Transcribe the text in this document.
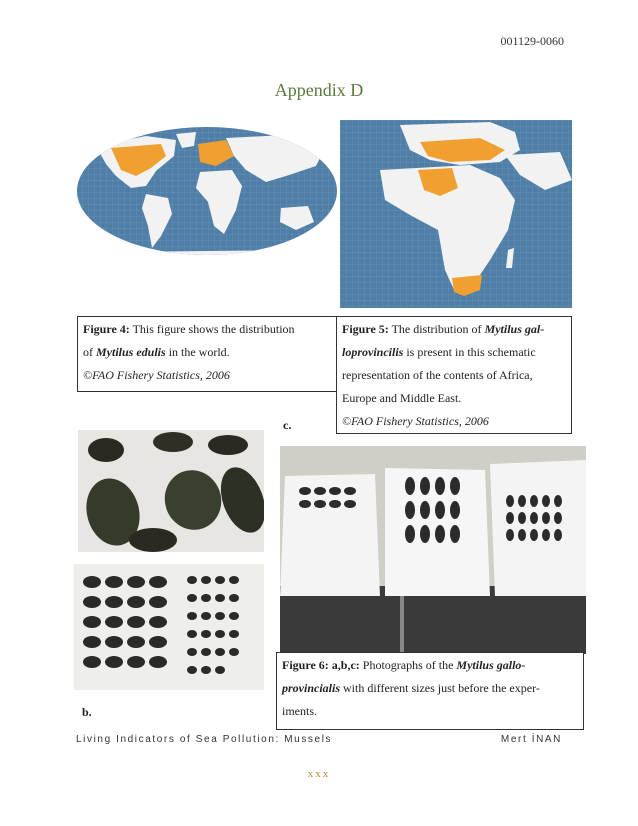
001129-0060
Appendix D
Figure 4: This figure shows the distribution
of Mytilus edulis in the world.
©FAO Fishery Statistics, 2006
Figure 5: The distribution of Mytilus gal-
loprovincilis is present in this schematic
representation of the contents of Africa,
Europe and Middle East.
©FAO Fishery Statistics, 2006
c.
Figure 6: a,b,c: Photographs of the Mytilus gallo-
provincialis with different sizes just before the exper-
iments.
b.
Living Indicators of Sea Pollution: Mussels	Mert İNAN
xxx
